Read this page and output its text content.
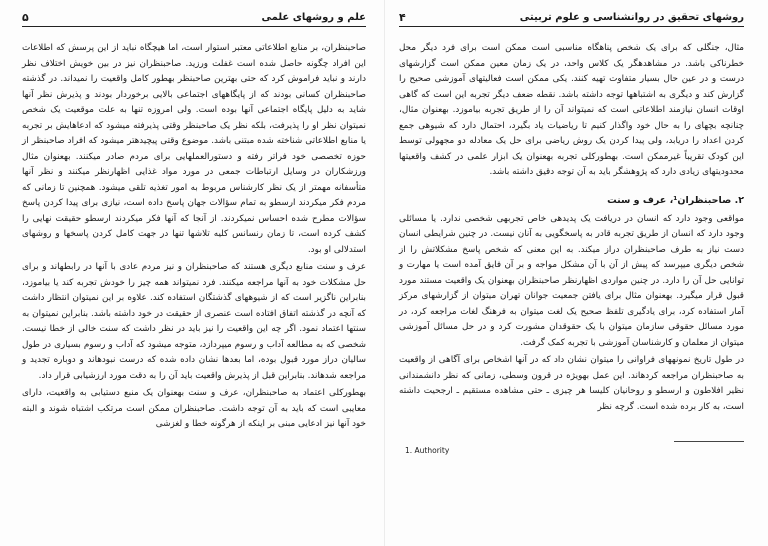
علم و روشهای علمی
۵

صاحبنظران، بر منابع اطلاعاتی معتبر استوار است، اما هیچگاه نباید از این پرسش که اطلاعات این افراد چگونه حاصل شده است غفلت ورزید. صاحبنظران نیز در بین خویش اختلاف نظر دارند و نباید فراموش کرد که حتی بهترین صاحبنظر بهطور کامل واقعیت را نمیداند. در گذشته صاحبنظران کسانی بودند که از پایگاههای اجتماعی بالایی برخوردار بودند و پذیرش نظر آنها شاید به دلیل پایگاه اجتماعی آنها بوده است. ولی امروزه تنها به علت موقعیت یک شخص نمیتوان نظر او را پذیرفت، بلکه نظر یک صاحبنظر وقتی پذیرفته میشود که ادعاهایش بر تجربه یا منابع اطلاعاتی شناخته شده مبتنی باشد. موضوع وقتی پیچیدهتر میشود که افراد صاحبنظر از حوزه تخصصی خود فراتر رفته و دستورالعملهایی برای مردم صادر میکنند. بهعنوان مثال ورزشکاران در وسایل ارتباطات جمعی در مورد مواد غذایی اظهارنظر میکنند و نظر آنها متأسفانه مهمتر از یک نظر کارشناس مربوط به امور تغذیه تلقی میشود. همچنین تا زمانی که مردم فکر میکردند ارسطو به تمام سؤالات جهان پاسخ داده است، نیازی برای پیدا کردن پاسخ سؤالات مطرح شده احساس نمیکردند. از آنجا که آنها فکر میکردند ارسطو حقیقت نهایی را کشف کرده است، تا زمان رنسانس کلیه تلاشها تنها در جهت کامل کردن پاسخها و روشهای استدلالی او بود.

عرف و سنت منابع دیگری هستند که صاحبنظران و نیز مردم عادی با آنها در رابطهاند و برای حل مشکلات خود به آنها مراجعه میکنند. فرد نمیتواند همه چیز را خودش تجربه کند یا بیاموزد، بنابراین ناگزیر است که از شیوههای گذشتگان استفاده کند. علاوه بر این نمیتوان انتظار داشت که آنچه در گذشته اتفاق افتاده است عنصری از حقیقت در خود داشته باشد. بنابراین نمیتوان به سنتها اعتماد نمود. اگر چه این واقعیت را نیز باید در نظر داشت که سنت خالی از خطا نیست. شخصی که به مطالعه آداب و رسوم میپردازد، متوجه میشود که آداب و رسوم بسیاری در طول سالیان دراز مورد قبول بوده، اما بعدها نشان داده شده که درست نبودهاند و دوباره تجدید و مراجعه شدهاند. بنابراین قبل از پذیرش واقعیت باید آن را به دقت مورد ارزشیابی قرار داد.

بهطورکلی اعتماد به صاحبنظران، عرف و سنت بهعنوان یک منبع دستیابی به واقعیت، دارای معایبی است که باید به آن توجه داشت. صاحبنظران ممکن است مرتکب اشتباه شوند و البته خود آنها نیز ادعایی مبنی بر اینکه از هرگونه خطا و لغزشی

روشهای تحقیق در روانشناسی و علوم تربیتی
۴

مثال، جنگلی که برای یک شخص پناهگاه مناسبی است ممکن است برای فرد دیگر محل خطرناکی باشد. در مشاهدهگر یک کلاس واحد، در یک زمان معین ممکن است گزارشهای درست و در عین حال بسیار متفاوت تهیه کنند. یکی ممکن است فعالیتهای آموزشی صحیح را گزارش کند و دیگری به اشتباهها توجه داشته باشد. نقطه ضعف دیگر تجربه این است که گاهی اوقات انسان نیازمند اطلاعاتی است که نمیتواند آن را از طریق تجربه بیاموزد. بهعنوان مثال، چنانچه بچهای را به حال خود واگذار کنیم تا ریاضیات یاد بگیرد، احتمال دارد که شیوهی جمع کردن اعداد را دریابد، ولی پیدا کردن یک روش ریاضی برای حل یک معادله دو مجهولی توسط این کودک تقریباً غیرممکن است. بهطورکلی تجربه بهعنوان یک ابزار علمی در کشف واقعیتها محدودیتهای زیادی دارد که پژوهشگر باید به آن توجه دقیق داشته باشد.

۲. صاحبنظران¹، عرف و سنت

مواقعی وجود دارد که انسان در دریافت یک پدیدهی خاص تجربهی شخصی ندارد. یا مسائلی وجود دارد که انسان از طریق تجربه قادر به پاسخگویی به آنان نیست. در چنین شرایطی انسان دست نیاز به طرف صاحبنظران دراز میکند. به این معنی که شخص پاسخ مشکلاتش را از شخص دیگری میپرسد که پیش از آن با آن مشکل مواجه و بر آن فایق آمده است یا مهارت و توانایی حل آن را دارد. در چنین مواردی اظهارنظر صاحبنظران بهعنوان یک واقعیت مستند مورد قبول قرار میگیرد. بهعنوان مثال برای یافتن جمعیت جوانان تهران میتوان از گزارشهای مرکز آمار استفاده کرد، برای یادگیری تلفظ صحیح یک لغت میتوان به فرهنگ لغات مراجعه کرد، در مورد مسائل حقوقی سازمان میتوان با یک حقوقدان مشورت کرد و در حل مسائل آموزشی میتوان از معلمان و کارشناسان آموزشی با تجربه کمک گرفت.

در طول تاریخ نمونههای فراوانی را میتوان نشان داد که در آنها اشخاص برای آگاهی از واقعیت به صاحبنظران مراجعه کردهاند. این عمل بهویژه در قرون وسطی، زمانی که نظر دانشمندانی نظیر افلاطون و ارسطو و روحانیان کلیسا هر چیزی ـ حتی مشاهده مستقیم ـ ارجحیت داشته است، به کار برده شده است. گرچه نظر

1. Authority
